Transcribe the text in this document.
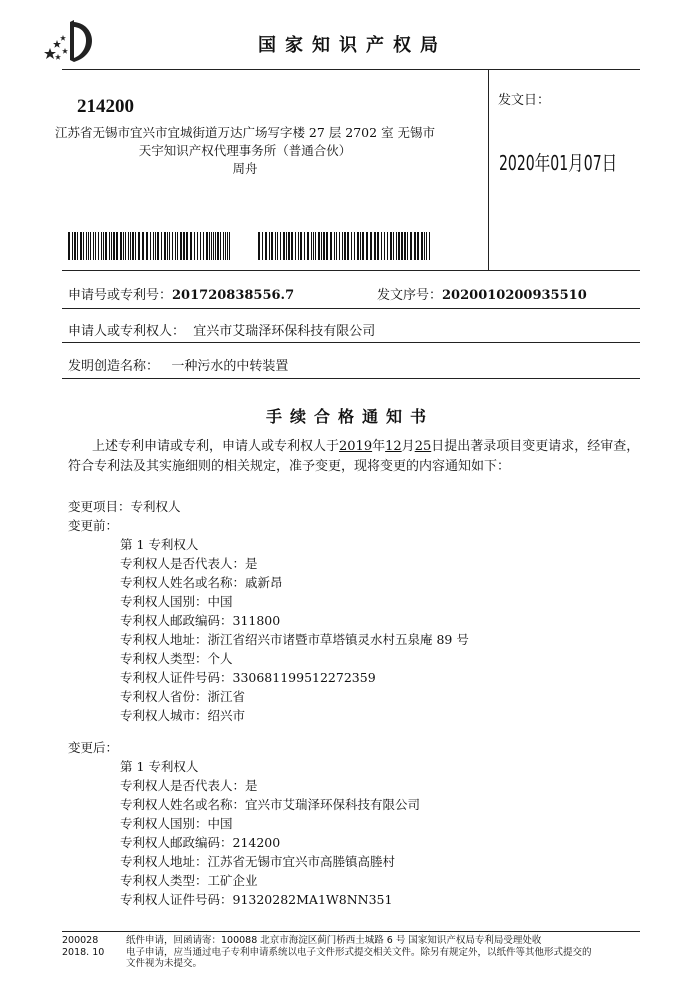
国家知识产权局
214200
江苏省无锡市宜兴市宜城街道万达广场写字楼 27 层 2702 室 无锡市
天宇知识产权代理事务所（普通合伙）
周舟
发文日：
2020年01月07日
申请号或专利号：201720838556.7	发文序号：2020010200935510
申请人或专利权人： 宜兴市艾瑞泽环保科技有限公司
发明创造名称： 一种污水的中转装置
手续合格通知书
上述专利申请或专利，申请人或专利权人于2019年12月25日提出著录项目变更请求，经审查，符合专利法及其实施细则的相关规定，准予变更，现将变更的内容通知如下：
变更项目：专利权人
变更前：
第 1 专利权人
专利权人是否代表人：是
专利权人姓名或名称：戚新昂
专利权人国别：中国
专利权人邮政编码：311800
专利权人地址：浙江省绍兴市诸暨市草塔镇灵水村五泉庵 89 号
专利权人类型：个人
专利权人证件号码：330681199512272359
专利权人省份：浙江省
专利权人城市：绍兴市
变更后：
第 1 专利权人
专利权人是否代表人：是
专利权人姓名或名称：宜兴市艾瑞泽环保科技有限公司
专利权人国别：中国
专利权人邮政编码：214200
专利权人地址：江苏省无锡市宜兴市高塍镇高塍村
专利权人类型：工矿企业
专利权人证件号码：91320282MA1W8NN351
200028
2018. 10
纸件申请，回函请寄：100088 北京市海淀区蓟门桥西土城路 6 号 国家知识产权局专利局受理处收
电子申请，应当通过电子专利申请系统以电子文件形式提交相关文件。除另有规定外，以纸件等其他形式提交的
文件视为未提交。
